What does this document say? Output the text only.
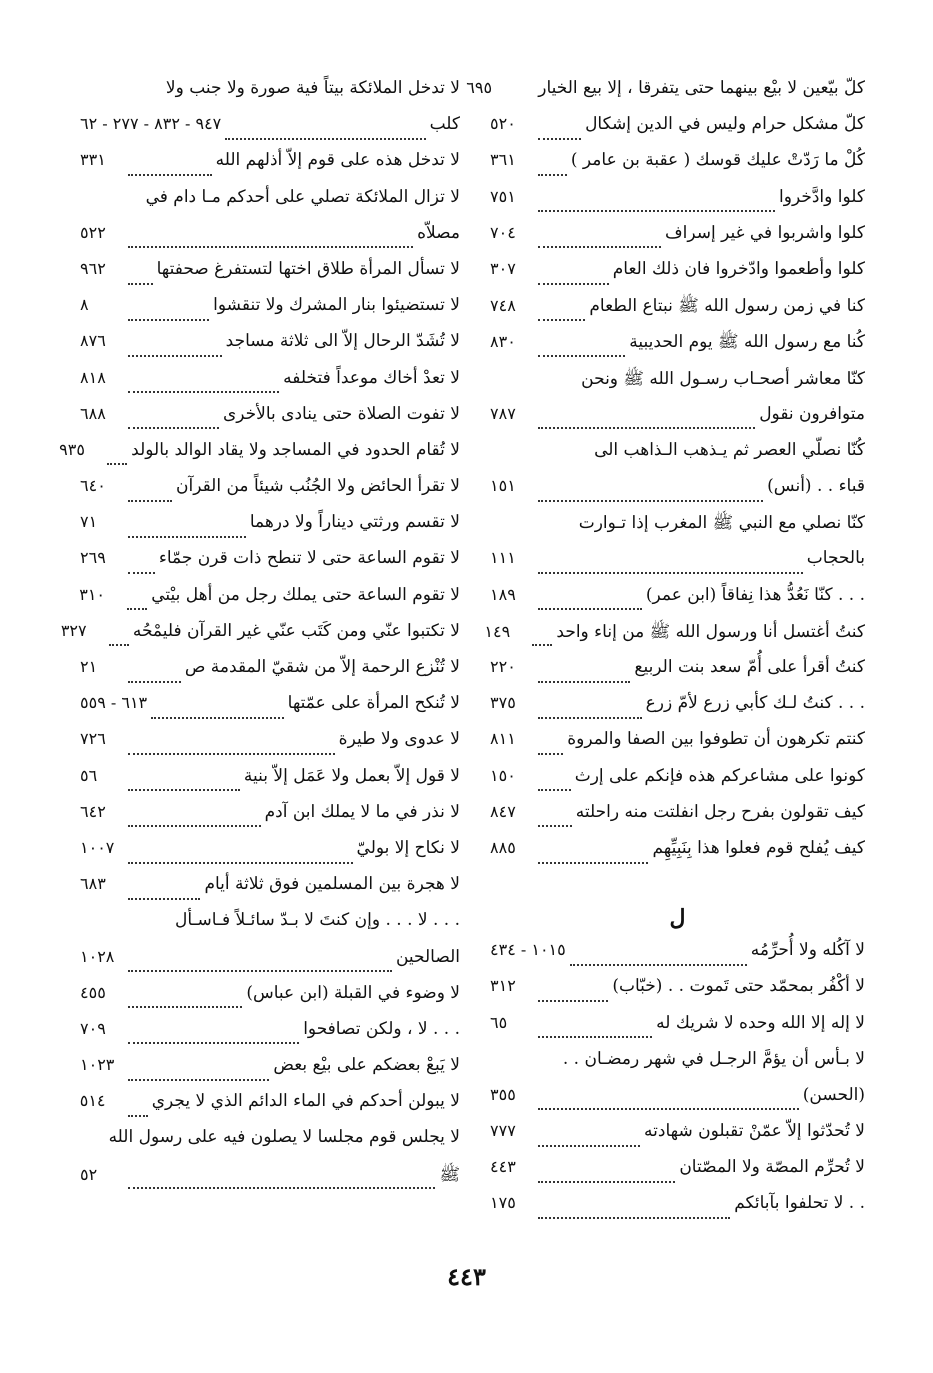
كلّ بيّعين لا بيْع بينهما حتى يتفرقا ، إلا بيع الخيار
٦٩٥
كلّ مشكل حرام وليس في الدين إشكال
٥٢٠
كُلْ ما رَدّتْ عليك قوسك ( عقبة بن عامر )
٣٦١
كلوا وادَّخروا
٧٥١
كلوا واشربوا في غير إسراف
٧٠٤
كلوا وأطعموا وادّخروا فان ذلك العام
٣٠٧
كنا في زمن رسول الله ﷺ نبتاع الطعام
٧٤٨
كُنا مع رسول الله ﷺ يوم الحديبية
٨٣٠
كنّا معاشر أصحـاب رسـول الله ﷺ ونحن
متوافرون نقول
٧٨٧
كُنّا نصلّي العصر ثم يـذهب الـذاهب الى
قباء . . (أنس)
١٥١
كنّا نصلي مع النبي ﷺ المغرب إذا تـوارت
بالحجاب
١١١
. . . كنّا نَعُدُّ هذا نِفاقاً (ابن عمر)
١٨٩
كنتُ أغتسل أنا ورسول الله ﷺ من إناء واحد
١٤٩
كنتُ أقرأ على أُمّ سعد بنت الربيع
٢٢٠
. . . كنتُ لـك كأبي زرع لأمّ زرع
٣٧٥
كنتم تكرهون أن تطوفوا بين الصفا والمروة
٨١١
كونوا على مشاعركم هذه فإنكم على إرث
١٥٠
كيف تقولون بفرح رجل انفلتت منه راحلته
٨٤٧
كيف يُفلح قوم فعلوا هذا بِنَبِيِّهِم
٨٨٥
ل
لا آكُله ولا أُحرِّمُه
١٠١٥ - ٤٣٤
لا أكْفُر بمحمّد حتى تَموت . . (خبّاب)
٣١٢
لا إله إلا الله وحده لا شريك له
٦٥
لا بـأس أن يؤمَّ الرجـل في شهر رمضـان . .
(الحسن)
٣٥٥
لا تُحدّثوا إلاّ عمّنْ تقبلون شهادته
٧٧٧
لا تُحرِّم المصّة ولا المصّتان
٤٤٣
. . لا تحلفوا بآبائكم
١٧٥
لا تدخل الملائكة بيتاً فية صورة ولا جنب ولا
كلب
٩٤٧ - ٨٣٢ - ٢٧٧ - ٦٢
لا تدخل هذه على قوم إلاّ أذلهم الله
٣٣١
لا تزال الملائكة تصلي على أحدكم مـا دام في
مصلاّه
٥٢٢
لا تسأل المرأة طلاق اختها لتستفرغ صحفتها
٩٦٢
لا تستضيئوا بنار المشرك ولا تنقشوا
٨
لا تُشَدّ الرحال إلاّ الى ثلاثة مساجد
٨٧٦
لا تعدْ أخاك موعداً فتخلفه
٨١٨
لا تفوت الصلاة حتى ينادى بالأخرى
٦٨٨
لا تُقام الحدود في المساجد ولا يقاد الوالد بالولد
٩٣٥
لا تقرأ الحائض ولا الجُنُب شيئاً من القرآن
٦٤٠
لا تقسم ورثتي ديناراً ولا درهما
٧١
لا تقوم الساعة حتى لا تنطح ذات قرن جمّاء
٢٦٩
لا تقوم الساعة حتى يملك رجل من أهل بيْتي
٣١٠
لا تكتبوا عنّي ومن كَتَب عنّي غير القرآن فليمْحُه
٣٢٧
لا تُنْزع الرحمة إلاّ من شقيّ المقدمة ص
٢١
لا تُنكح المرأة على عمّتها
٦١٣ - ٥٥٩
لا عدوى ولا طيرة
٧٢٦
لا قول إلاّ بعمل ولا عَمَل إلاّ بنية
٥٦
لا نذر في ما لا يملك ابن آدم
٦٤٢
لا نكاح إلا بوليّ
١٠٠٧
لا هجرة بين المسلمين فوق ثلاثة أيام
٦٨٣
. . . لا . . . وإن كنتَ لا بـدّ سائـلاً فـاسـأل
الصالحين
١٠٢٨
لا وضوء في القبلة (ابن عباس)
٤٥٥
. . . لا ، ولكن تصافحوا
٧٠٩
لا يَبعْ بعضكم على بيْع بعض
١٠٢٣
لا يبولن أحدكم في الماء الدائم الذي لا يجري
٥١٤
لا يجلس قوم مجلسا لا يصلون فيه على رسول الله
ﷺ
٥٢
٤٤٣
